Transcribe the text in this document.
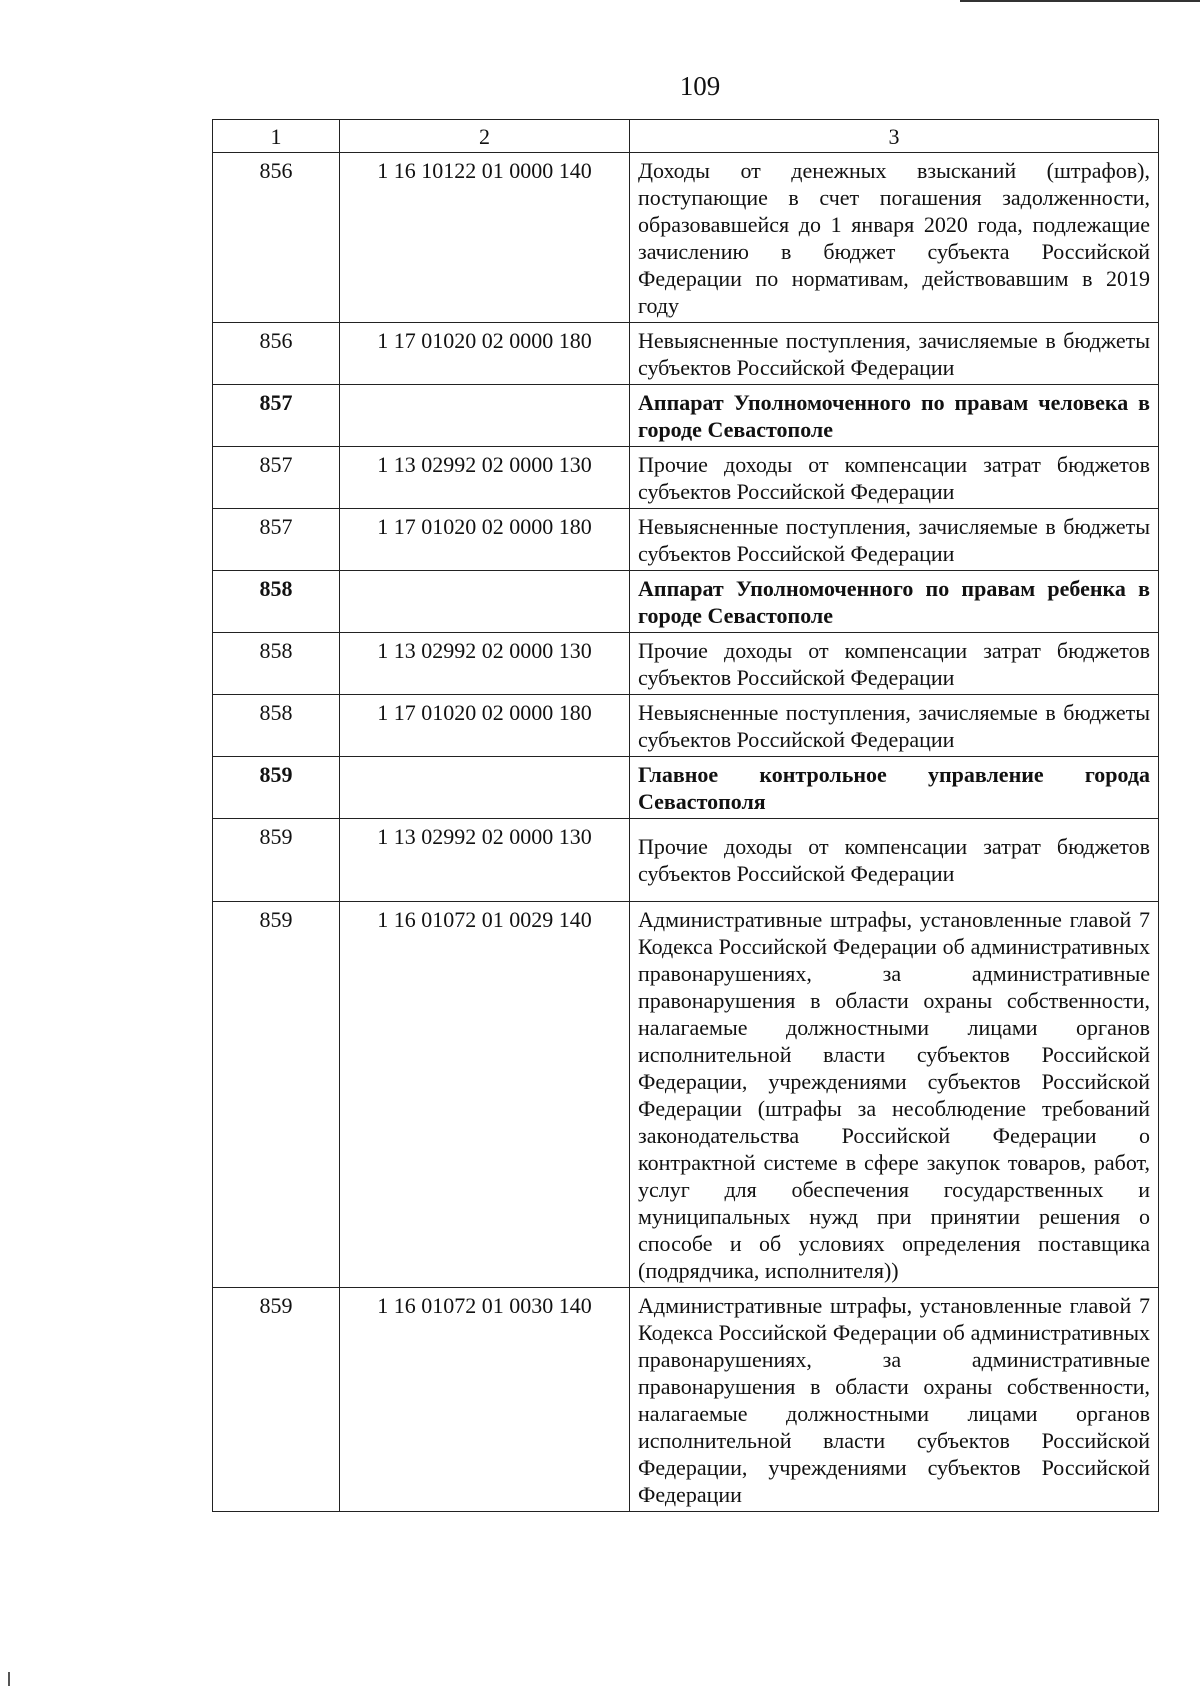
109
1	2	3
856	1 16 10122 01 0000 140	Доходы от денежных взысканий (штрафов), поступающие в счет погашения задолженности, образовавшейся до 1 января 2020 года, подлежащие зачислению в бюджет субъекта Российской Федерации по нормативам, действовавшим в 2019 году

856	1 17 01020 02 0000 180	Невыясненные поступления, зачисляемые в бюджеты субъектов Российской Федерации

857		Аппарат Уполномоченного по правам человека в городе Севастополе

857	1 13 02992 02 0000 130	Прочие доходы от компенсации затрат бюджетов субъектов Российской Федерации

857	1 17 01020 02 0000 180	Невыясненные поступления, зачисляемые в бюджеты субъектов Российской Федерации

858		Аппарат Уполномоченного по правам ребенка в городе Севастополе

858	1 13 02992 02 0000 130	Прочие доходы от компенсации затрат бюджетов субъектов Российской Федерации

858	1 17 01020 02 0000 180	Невыясненные поступления, зачисляемые в бюджеты субъектов Российской Федерации

859		Главное контрольное управление города Севастополя

859	1 13 02992 02 0000 130	Прочие доходы от компенсации затрат бюджетов субъектов Российской Федерации

859	1 16 01072 01 0029 140	Административные штрафы, установленные главой 7 Кодекса Российской Федерации об административных правонарушениях, за административные правонарушения в области охраны собственности, налагаемые должностными лицами органов исполнительной власти субъектов Российской Федерации, учреждениями субъектов Российской Федерации (штрафы за несоблюдение требований законодательства Российской Федерации о контрактной системе в сфере закупок товаров, работ, услуг для обеспечения государственных и муниципальных нужд при принятии решения о способе и об условиях определения поставщика (подрядчика, исполнителя))

859	1 16 01072 01 0030 140	Административные штрафы, установленные главой 7 Кодекса Российской Федерации об административных правонарушениях, за административные правонарушения в области охраны собственности, налагаемые должностными лицами органов исполнительной власти субъектов Российской Федерации, учреждениями субъектов Российской Федерации
